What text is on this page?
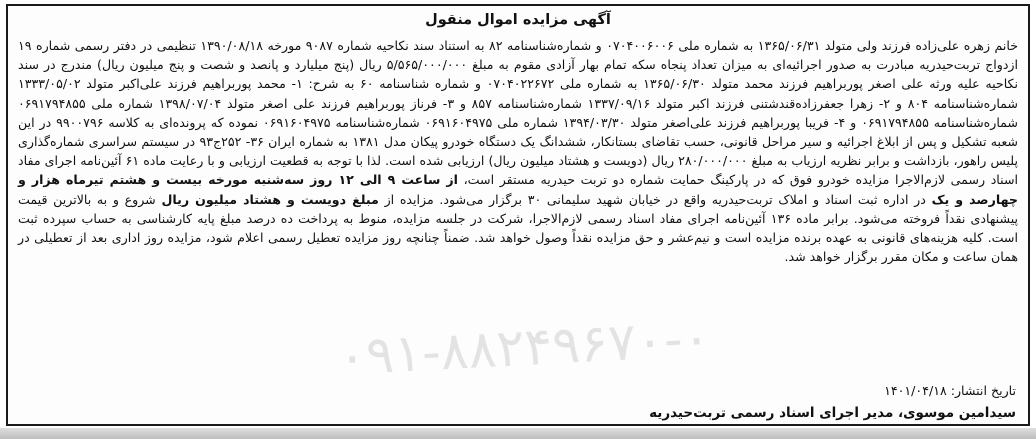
آگهی مزایده اموال منقول
خانم زهره علی‌زاده فرزند ولی متولد ۱۳۶۵/۰۶/۳۱ به شماره ملی ۰۷۰۴۰۰۶۰۰۶ و شماره‌شناسنامه ۸۲ به استناد سند نکاحیه شماره ۹۰۸۷ مورخه ۱۳۹۰/۰۸/۱۸ تنظیمی در دفتر رسمی شماره ۱۹ ازدواج تربت‌حیدریه مبادرت به صدور اجرائیه‌ای به میزان تعداد پنجاه سکه تمام بهار آزادی مقوم به مبلغ ۵/۵۶۵/۰۰۰/۰۰۰ ریال (پنج میلیارد و پانصد و شصت و پنج میلیون ریال) مندرج در سند نکاحیه علیه ورثه علی اصغر پوربراهیم فرزند محمد متولد ۱۳۶۵/۰۶/۳۰ به شماره ملی ۰۷۰۴۰۲۲۶۷۲ و شماره شناسنامه ۶۰ به شرح: ۱- محمد پوربراهیم فرزند علی‌اکبر متولد ۱۳۳۳/۰۵/۰۲ شماره‌شناسنامه ۸۰۴ و ۲- زهرا جعفرزاده‌قندشتنی فرزند اکبر متولد ۱۳۳۷/۰۹/۱۶ شماره‌شناسنامه ۸۵۷ و ۳- فرناز پوربراهیم فرزند علی اصغر متولد ۱۳۹۸/۰۷/۰۴ شماره ملی ۰۶۹۱۷۹۴۸۵۵ شماره‌شناسنامه ۰۶۹۱۷۹۴۸۵۵ و ۴- فریبا پوربراهیم فرزند علی‌اصغر متولد ۱۳۹۴/۰۳/۳۰ شماره ملی ۰۶۹۱۶۰۴۹۷۵ شماره‌شناسنامه ۰۶۹۱۶۰۴۹۷۵ نموده که پرونده‌ای به کلاسه ۹۹۰۰۷۹۶ در این شعبه تشکیل و پس از ابلاغ اجرائیه و سیر مراحل قانونی، حسب تقاضای بستانکار، ششدانگ یک دستگاه خودرو پیکان مدل ۱۳۸۱ به شماره ایران ۳۶- ۲۵۲ج۹۳ در سیستم سراسری شماره‌گذاری پلیس راهور، بازداشت و برابر نظریه ارزیاب به مبلغ ۲۸۰/۰۰۰/۰۰۰ ریال (دویست و هشتاد میلیون ریال) ارزیابی شده است. لذا با توجه به قطعیت ارزیابی و با رعایت ماده ۶۱ آئین‌نامه اجرای مفاد اسناد رسمی لازم‌الاجرا مزایده خودرو فوق که در پارکینگ حمایت شماره دو تربت حیدریه مستقر است، از ساعت ۹ الی ۱۲ روز سه‌شنبه مورخه بیست و هشتم تیرماه هزار و چهارصد و یک در اداره ثبت اسناد و املاک تربت‌حیدریه واقع در خیابان شهید سلیمانی ۳۰ برگزار می‌شود. مزایده از مبلغ دویست و هشتاد میلیون ریال شروع و به بالاترین قیمت پیشنهادی نقداً فروخته می‌شود. برابر ماده ۱۳۶ آئین‌نامه اجرای مفاد اسناد رسمی لازم‌الاجرا، شرکت در جلسه مزایده، منوط به پرداخت ده درصد مبلغ پایه کارشناسی به حساب سپرده ثبت است. کلیه هزینه‌های قانونی به عهده برنده مزایده است و نیم‌عشر و حق مزایده نقداً وصول خواهد شد. ضمناً چنانچه روز مزایده تعطیل رسمی اعلام شود، مزایده روز اداری بعد از تعطیلی در همان ساعت و مکان مقرر برگزار خواهد شد.
۰۹۱-۸۸۲۴۹۶۷۰-۰
تاریخ انتشار: ۱۴۰۱/۰۴/۱۸
سیدامین موسوی، مدیر اجرای اسناد رسمی تربت‌حیدریه
